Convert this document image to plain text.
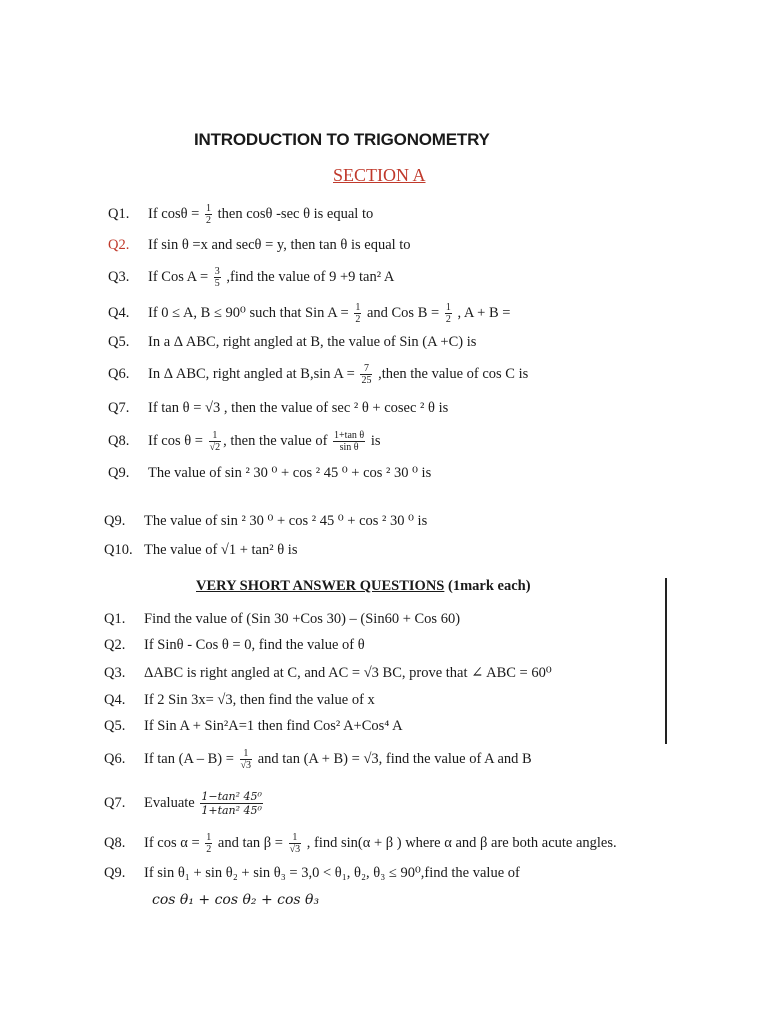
INTRODUCTION TO TRIGONOMETRY
SECTION A
Q1. If $\cos\theta = \frac{1}{2}$ then cosθ -sec θ is equal to
Q2. If sin θ =x and secθ = y, then tan θ is equal to
Q3. If Cos $A = \frac{3}{5}$ ,find the value of 9 +9 tan² A
Q4. If 0 ≤ A, B ≤ 90⁰ such that Sin $A = \frac{1}{2}$ and Cos $B = \frac{1}{2}$ , A + B =
Q5. In a Δ ABC, right angled at B, the value of Sin (A +C) is
Q6. In Δ ABC, right angled at B,sin $A = \frac{7}{25}$ ,then the value of cos C is
Q7. If tan θ = √3 , then the value of sec ² θ + cosec ² θ is
Q8. If $\cos \theta = \frac{1}{√2}$ , then the value of $\frac{\text{1+tan θ}}{\text{sin θ}}$ is
Q9. The value of sin ² 30 ⁰ + cos ² 45 ⁰ + cos ² 30 ⁰ is
Q9. The value of sin ² 30 ⁰ + cos ² 45 ⁰ + cos ² 30 ⁰ is
Q10. The value of √1 + tan² θ is
VERY SHORT ANSWER QUESTIONS (1mark each)
Q1. Find the value of (Sin 30 +Cos 30) – (Sin60 + Cos 60)
Q2. If Sinθ - Cos θ = 0, find the value of θ
Q3. ΔABC is right angled at C, and AC = √3 BC, prove that ∠ ABC = 60⁰
Q4. If 2 Sin 3x= √3, then find the value of x
Q5. If Sin A + Sin²A=1 then find Cos² A+Cos⁴ A
Q6. If $\tan (A - B) = \frac{1}{√3}$ and tan (A + B) = √3, find the value of A and B
Q7. Evaluate $\frac{\text{1−tan² 45⁰}}{\text{1+tan² 45⁰}}$
Q8. If $\cos \alpha = \frac{1}{2}$ and $\tan \beta = \frac{1}{√3}$ , find sin(α + β ) where α and β are both acute angles.
Q9. If sin θ₁ + sin θ₂ + sin θ₃ = 3,0 < θ₁, θ₂, θ₃ ≤ 90⁰,find the value of
cos θ₁ + cos θ₂ + cos θ₃
